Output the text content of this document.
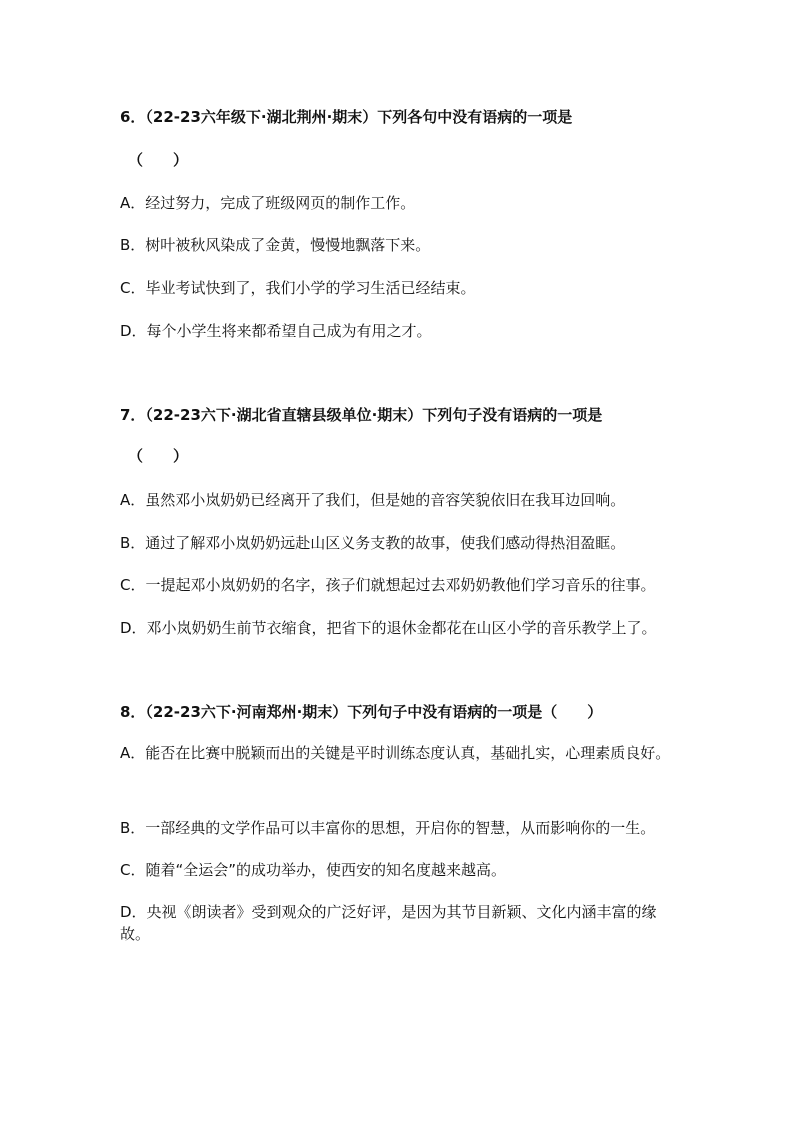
6．（22-23六年级下·湖北荆州·期末）下列各句中没有语病的一项是
（　　）
A．经过努力，完成了班级网页的制作工作。
B．树叶被秋风染成了金黄，慢慢地飘落下来。
C．毕业考试快到了，我们小学的学习生活已经结束。
D．每个小学生将来都希望自己成为有用之才。
7．（22-23六下·湖北省直辖县级单位·期末）下列句子没有语病的一项是
（　　）
A．虽然邓小岚奶奶已经离开了我们，但是她的音容笑貌依旧在我耳边回响。
B．通过了解邓小岚奶奶远赴山区义务支教的故事，使我们感动得热泪盈眶。
C．一提起邓小岚奶奶的名字，孩子们就想起过去邓奶奶教他们学习音乐的往事。
D．邓小岚奶奶生前节衣缩食，把省下的退休金都花在山区小学的音乐教学上了。
8．（22-23六下·河南郑州·期末）下列句子中没有语病的一项是（　　）
A．能否在比赛中脱颖而出的关键是平时训练态度认真，基础扎实，心理素质良好。
B．一部经典的文学作品可以丰富你的思想，开启你的智慧，从而影响你的一生。
C．随着“全运会”的成功举办，使西安的知名度越来越高。
D．央视《朗读者》受到观众的广泛好评，是因为其节目新颖、文化内涵丰富的缘故。
